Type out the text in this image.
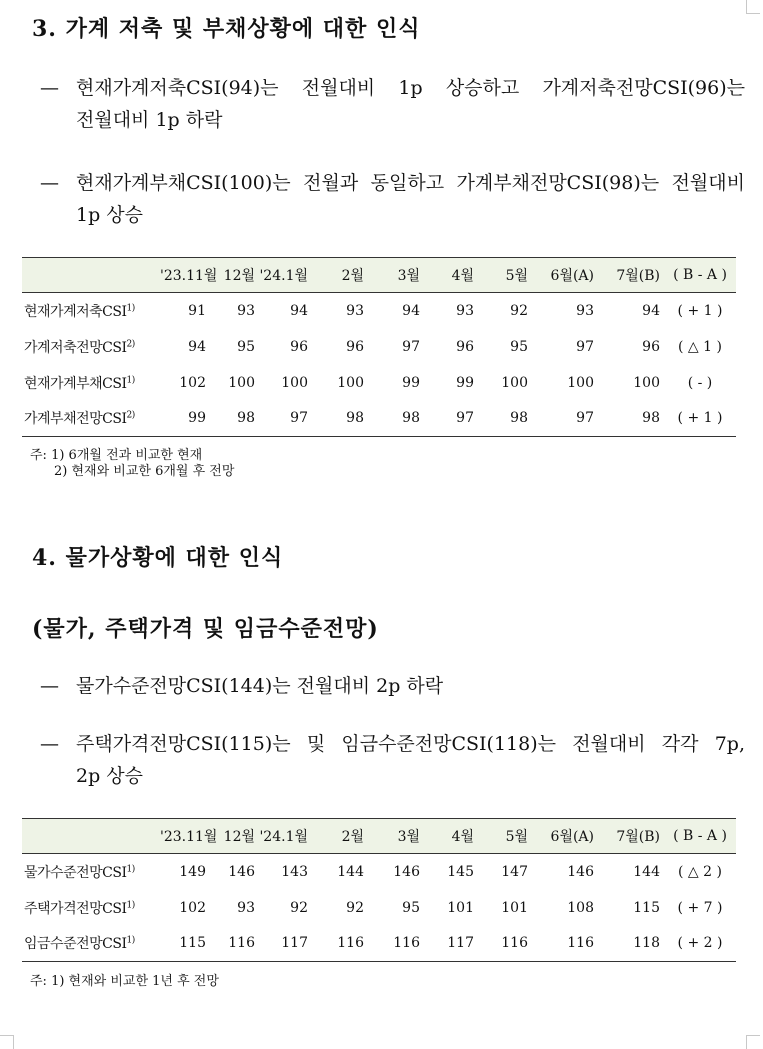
3. 가계 저축 및 부채상황에 대한 인식
— 현재가계저축CSI(94)는 전월대비 1p 상승하고 가계저축전망CSI(96)는
전월대비 1p 하락
— 현재가계부채CSI(100)는 전월과 동일하고 가계부채전망CSI(98)는 전월대비
1p 상승
	'23.11월	12월	'24.1월	2월	3월	4월	5월	6월(A)	7월(B)	( B - A )
현재가계저축CSI$^{1)}$	91	93	94	93	94	93	92	93	94	( + 1 )
가계저축전망CSI$^{2)}$	94	95	96	96	97	96	95	97	96	( △ 1 )
현재가계부채CSI$^{1)}$	102	100	100	100	99	99	100	100	100	( - )
가계부채전망CSI$^{2)}$	99	98	97	98	98	97	98	97	98	( + 1 )
주: 1) 6개월 전과 비교한 현재
2) 현재와 비교한 6개월 후 전망
4. 물가상황에 대한 인식
(물가, 주택가격 및 임금수준전망)
— 물가수준전망CSI(144)는 전월대비 2p 하락
— 주택가격전망CSI(115)는 및 임금수준전망CSI(118)는 전월대비 각각 7p,
2p 상승
	'23.11월	12월	'24.1월	2월	3월	4월	5월	6월(A)	7월(B)	( B - A )
물가수준전망CSI$^{1)}$	149	146	143	144	146	145	147	146	144	( △ 2 )
주택가격전망CSI$^{1)}$	102	93	92	92	95	101	101	108	115	( + 7 )
임금수준전망CSI$^{1)}$	115	116	117	116	116	117	116	116	118	( + 2 )
주: 1) 현재와 비교한 1년 후 전망
